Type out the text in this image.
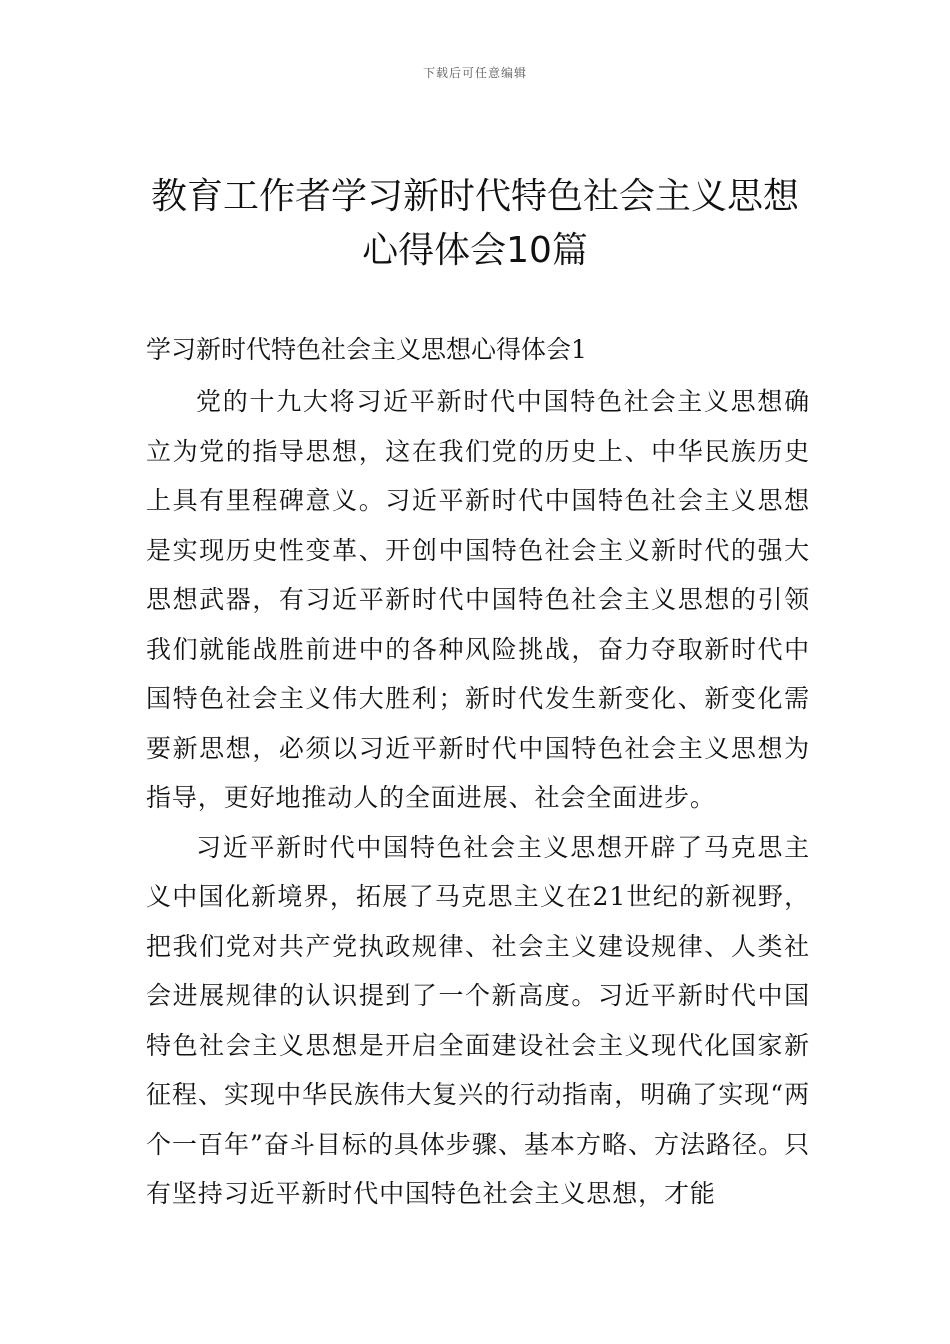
下载后可任意编辑
教育工作者学习新时代特色社会主义思想
心得体会10篇
学习新时代特色社会主义思想心得体会1

党的十九大将习近平新时代中国特色社会主义思想确立为党的指导思想，这在我们党的历史上、中华民族历史上具有里程碑意义。习近平新时代中国特色社会主义思想是实现历史性变革、开创中国特色社会主义新时代的强大思想武器，有习近平新时代中国特色社会主义思想的引领我们就能战胜前进中的各种风险挑战，奋力夺取新时代中国特色社会主义伟大胜利；新时代发生新变化、新变化需要新思想，必须以习近平新时代中国特色社会主义思想为指导，更好地推动人的全面进展、社会全面进步。

习近平新时代中国特色社会主义思想开辟了马克思主义中国化新境界，拓展了马克思主义在21世纪的新视野，把我们党对共产党执政规律、社会主义建设规律、人类社会进展规律的认识提到了一个新高度。习近平新时代中国特色社会主义思想是开启全面建设社会主义现代化国家新征程、实现中华民族伟大复兴的行动指南，明确了实现“两个一百年”奋斗目标的具体步骤、基本方略、方法路径。只有坚持习近平新时代中国特色社会主义思想，才能
